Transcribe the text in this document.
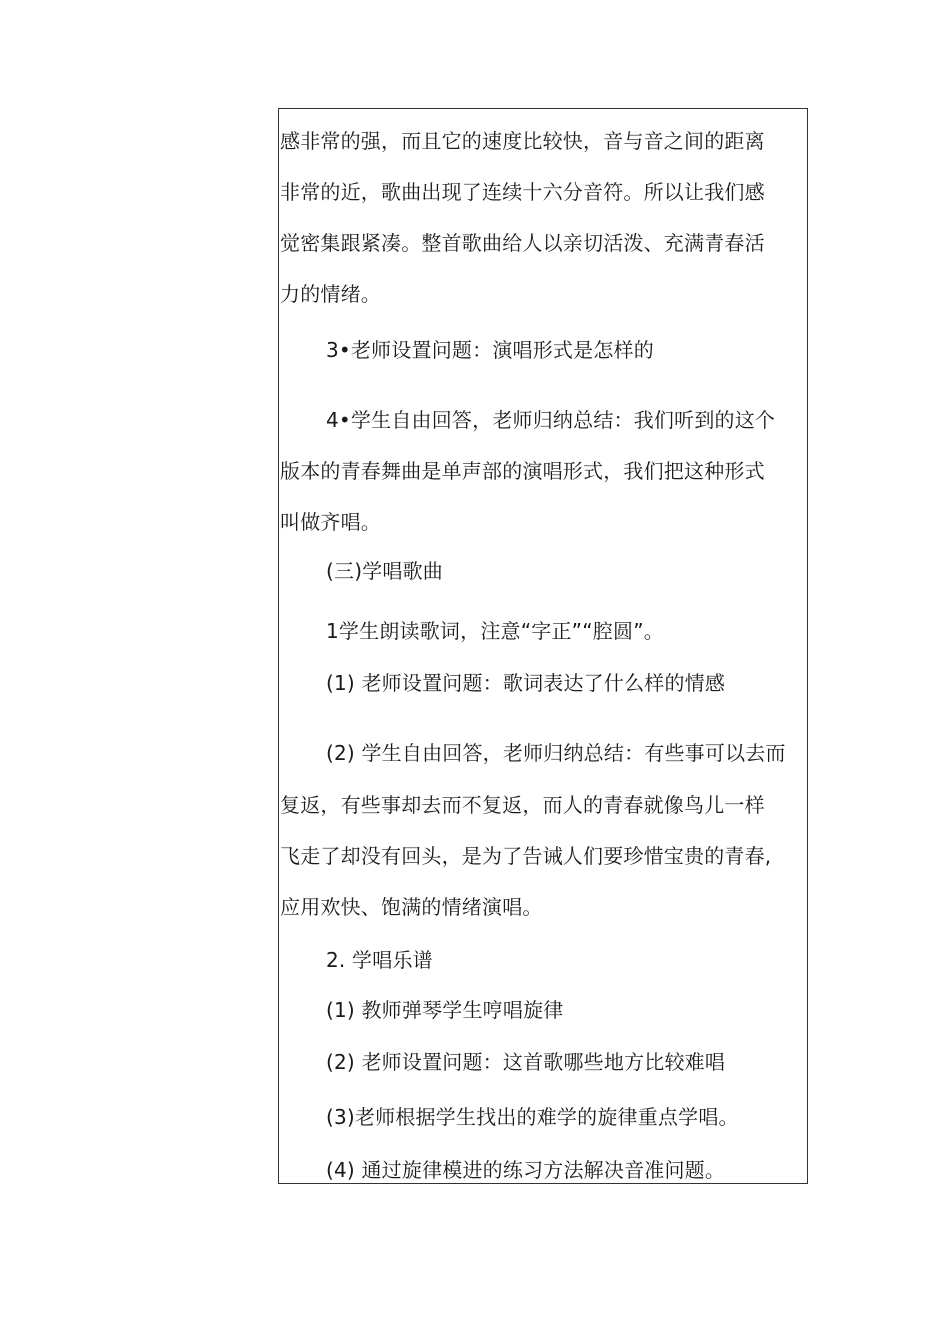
感非常的强，而且它的速度比较快，音与音之间的距离
非常的近，歌曲出现了连续十六分音符。所以让我们感
觉密集跟紧凑。整首歌曲给人以亲切活泼、充满青春活
力的情绪。
3•老师设置问题：演唱形式是怎样的
4•学生自由回答，老师归纳总结：我们听到的这个
版本的青春舞曲是单声部的演唱形式，我们把这种形式
叫做齐唱。
(三)学唱歌曲
1学生朗读歌词，注意“字正”“腔圆”。
(1) 老师设置问题：歌词表达了什么样的情感
(2) 学生自由回答，老师归纳总结：有些事可以去而
复返，有些事却去而不复返，而人的青春就像鸟儿一样
飞走了却没有回头，是为了告诫人们要珍惜宝贵的青春,
应用欢快、饱满的情绪演唱。
2. 学唱乐谱
(1) 教师弹琴学生哼唱旋律
(2) 老师设置问题：这首歌哪些地方比较难唱
(3)老师根据学生找出的难学的旋律重点学唱。
(4) 通过旋律模进的练习方法解决音准问题。
